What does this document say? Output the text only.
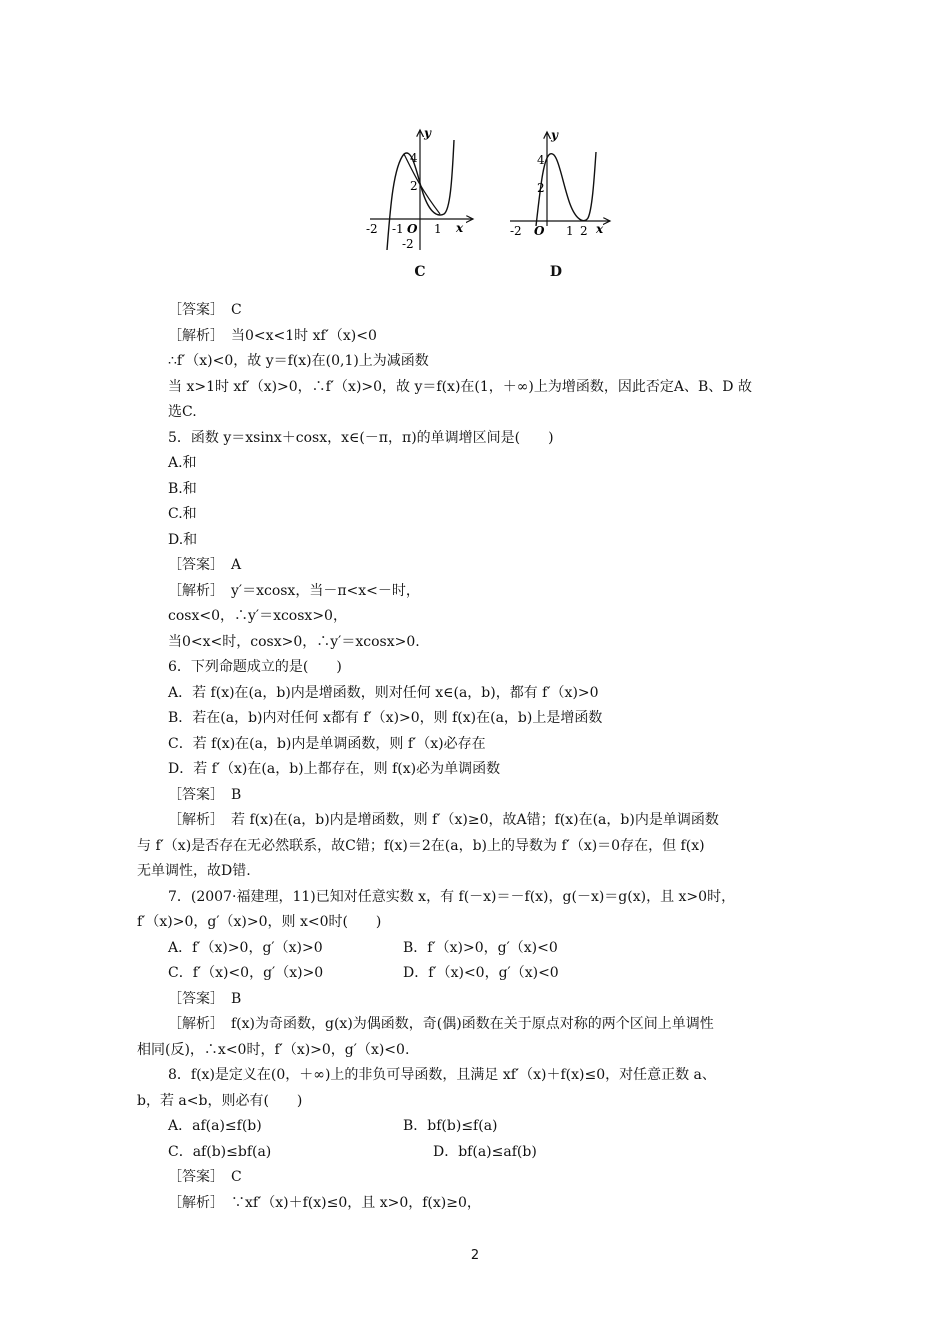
y
x
-2 -1 O 1
4
2
-2
C
y
x
-2 O 1 2
4
2
D
［答案］　C
［解析］　当0<x<1时 xf′（x)<0
∴f′（x)<0，故 y＝f(x)在(0,1)上为减函数
当 x>1时 xf′（x)>0，∴f′（x)>0，故 y＝f(x)在(1，＋∞)上为增函数，因此否定A、B、D 故
选C.
5．函数 y＝xsinx＋cosx，x∈(－π，π)的单调增区间是(　　)
A.和
B.和
C.和
D.和
［答案］　A
［解析］　y′＝xcosx，当－π<x<－时，
cosx<0，∴y′＝xcosx>0，
当0<x<时，cosx>0，∴y′＝xcosx>0.
6．下列命题成立的是(　　)
A．若 f(x)在(a，b)内是增函数，则对任何 x∈(a，b)，都有 f′（x)>0
B．若在(a，b)内对任何 x都有 f′（x)>0，则 f(x)在(a，b)上是增函数
C．若 f(x)在(a，b)内是单调函数，则 f′（x)必存在
D．若 f′（x)在(a，b)上都存在，则 f(x)必为单调函数
［答案］　B
［解析］　若 f(x)在(a，b)内是增函数，则 f′（x)≥0，故A错；f(x)在(a，b)内是单调函数
与 f′（x)是否存在无必然联系，故C错；f(x)＝2在(a，b)上的导数为 f′（x)＝0存在，但 f(x)
无单调性，故D错.
7．(2007·福建理，11)已知对任意实数 x，有 f(－x)＝－f(x)，g(－x)＝g(x)，且 x>0时，
f′（x)>0，g′（x)>0，则 x<0时(　　)
A．f′（x)>0，g′（x)>0	B．f′（x)>0，g′（x)<0
C．f′（x)<0，g′（x)>0	D．f′（x)<0，g′（x)<0
［答案］　B
［解析］　f(x)为奇函数，g(x)为偶函数，奇(偶)函数在关于原点对称的两个区间上单调性
相同(反)，∴x<0时，f′（x)>0，g′（x)<0.
8．f(x)是定义在(0，＋∞)上的非负可导函数，且满足 xf′（x)＋f(x)≤0，对任意正数 a、
b，若 a<b，则必有(　　)
A．af(a)≤f(b)	B．bf(b)≤f(a)
C．af(b)≤bf(a)	D．bf(a)≤af(b)
［答案］　C
［解析］　∵xf′（x)＋f(x)≤0，且 x>0，f(x)≥0，
2
